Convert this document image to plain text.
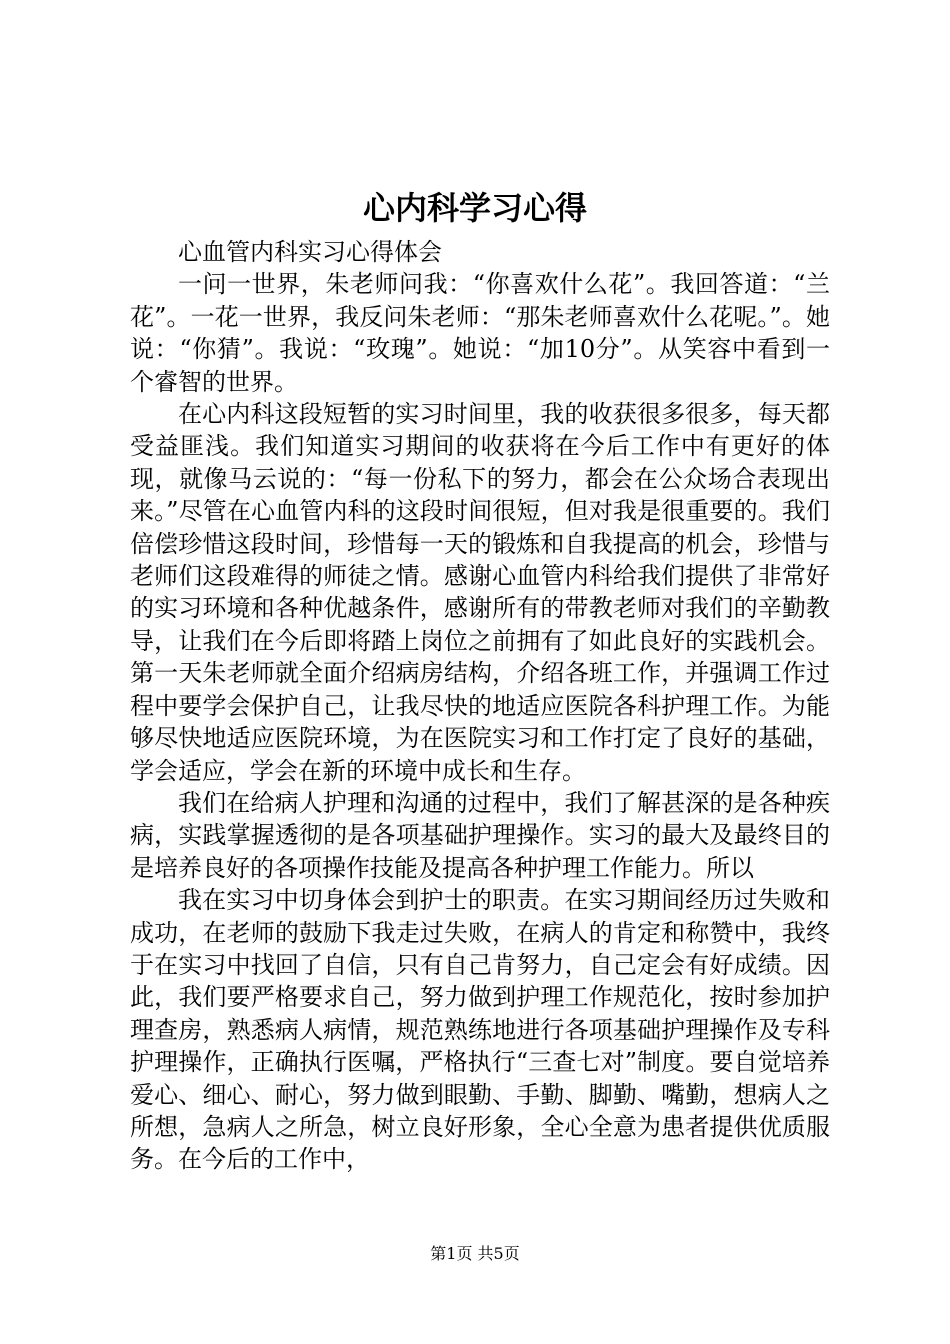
心内科学习心得

心血管内科实习心得体会

一问一世界，朱老师问我：“你喜欢什么花”。我回答道：“兰花”。一花一世界，我反问朱老师：“那朱老师喜欢什么花呢。”。她说：“你猜”。我说：“玫瑰”。她说：“加10分”。从笑容中看到一个睿智的世界。

在心内科这段短暂的实习时间里，我的收获很多很多，每天都受益匪浅。我们知道实习期间的收获将在今后工作中有更好的体现，就像马云说的：“每一份私下的努力，都会在公众场合表现出来。”尽管在心血管内科的这段时间很短，但对我是很重要的。我们倍偿珍惜这段时间，珍惜每一天的锻炼和自我提高的机会，珍惜与老师们这段难得的师徒之情。感谢心血管内科给我们提供了非常好的实习环境和各种优越条件，感谢所有的带教老师对我们的辛勤教导，让我们在今后即将踏上岗位之前拥有了如此良好的实践机会。第一天朱老师就全面介绍病房结构，介绍各班工作，并强调工作过程中要学会保护自己，让我尽快的地适应医院各科护理工作。为能够尽快地适应医院环境，为在医院实习和工作打定了良好的基础，学会适应，学会在新的环境中成长和生存。

我们在给病人护理和沟通的过程中，我们了解甚深的是各种疾病，实践掌握透彻的是各项基础护理操作。实习的最大及最终目的是培养良好的各项操作技能及提高各种护理工作能力。所以

我在实习中切身体会到护士的职责。在实习期间经历过失败和成功，在老师的鼓励下我走过失败，在病人的肯定和称赞中，我终于在实习中找回了自信，只有自己肯努力，自己定会有好成绩。因此，我们要严格要求自己，努力做到护理工作规范化，按时参加护理查房，熟悉病人病情，规范熟练地进行各项基础护理操作及专科护理操作，正确执行医嘱，严格执行“三查七对”制度。要自觉培养爱心、细心、耐心，努力做到眼勤、手勤、脚勤、嘴勤，想病人之所想，急病人之所急，树立良好形象，全心全意为患者提供优质服务。在今后的工作中，

第1页 共5页
